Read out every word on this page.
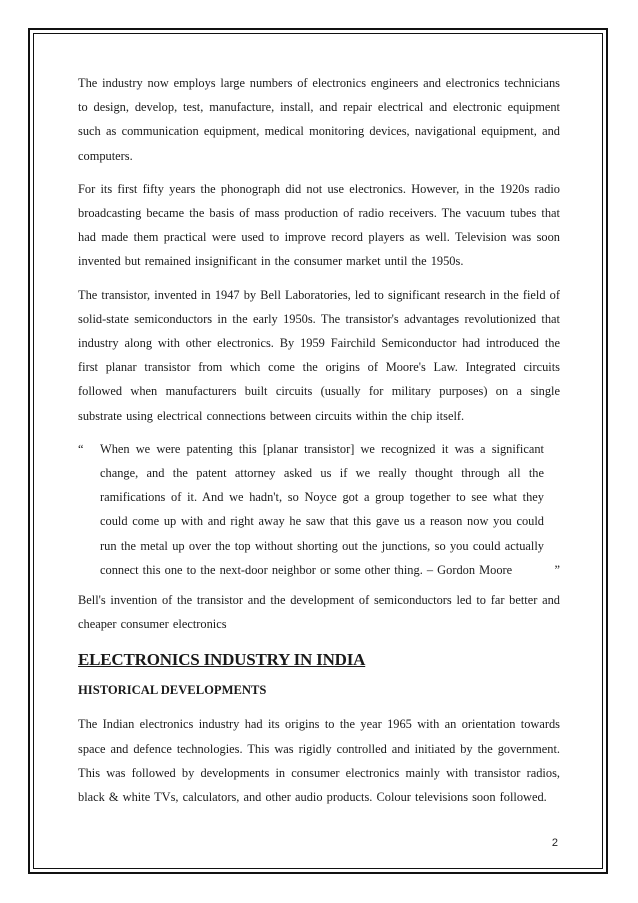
The industry now employs large numbers of electronics engineers and electronics technicians to design, develop, test, manufacture, install, and repair electrical and electronic equipment such as communication equipment, medical monitoring devices, navigational equipment, and computers.

For its first fifty years the phonograph did not use electronics. However, in the 1920s radio broadcasting became the basis of mass production of radio receivers. The vacuum tubes that had made them practical were used to improve record players as well. Television was soon invented but remained insignificant in the consumer market until the 1950s.

The transistor, invented in 1947 by Bell Laboratories, led to significant research in the field of solid-state semiconductors in the early 1950s. The transistor's advantages revolutionized that industry along with other electronics. By 1959 Fairchild Semiconductor had introduced the first planar transistor from which come the origins of Moore's Law. Integrated circuits followed when manufacturers built circuits (usually for military purposes) on a single substrate using electrical connections between circuits within the chip itself.

“ When we were patenting this [planar transistor] we recognized it was a significant change, and the patent attorney asked us if we really thought through all the ramifications of it. And we hadn't, so Noyce got a group together to see what they could come up with and right away he saw that this gave us a reason now you could run the metal up over the top without shorting out the junctions, so you could actually connect this one to the next-door neighbor or some other thing. – Gordon Moore	”

Bell's invention of the transistor and the development of semiconductors led to far better and cheaper consumer electronics

ELECTRONICS INDUSTRY IN INDIA
HISTORICAL DEVELOPMENTS

The Indian electronics industry had its origins to the year 1965 with an orientation towards space and defence technologies. This was rigidly controlled and initiated by the government. This was followed by developments in consumer electronics mainly with transistor radios, black & white TVs, calculators, and other audio products. Colour televisions soon followed.

2
